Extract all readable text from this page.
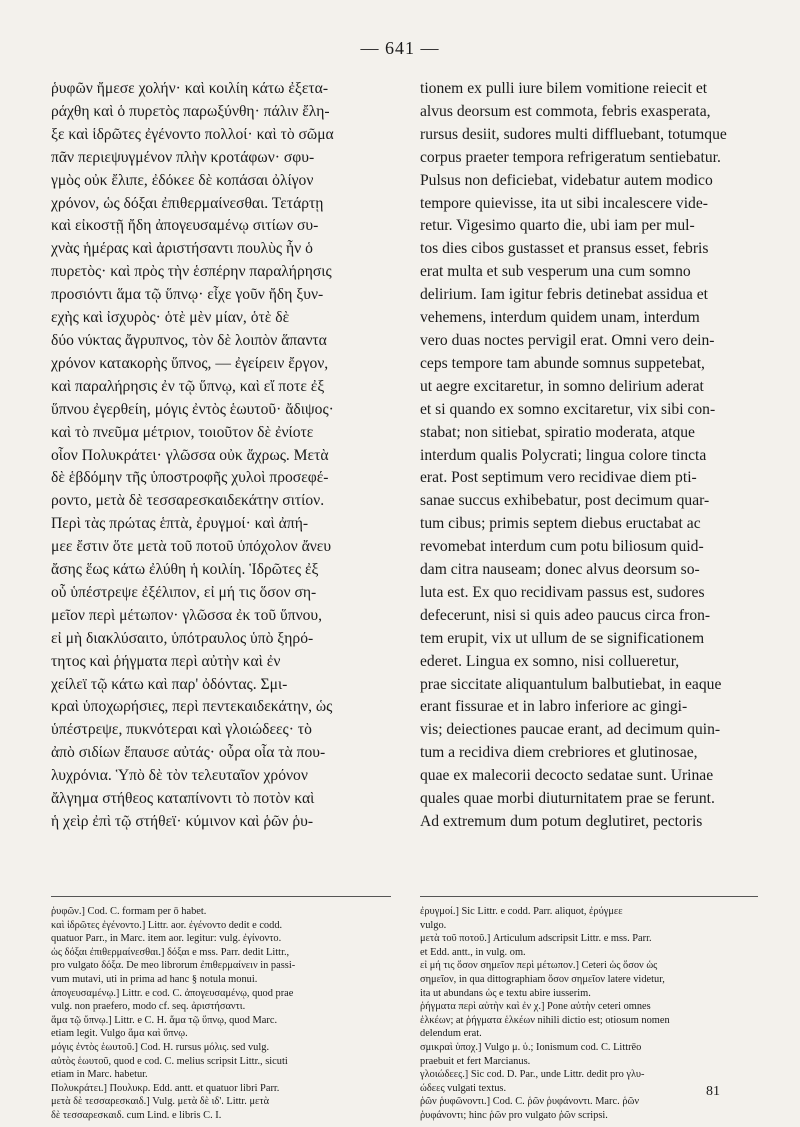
— 641 —
ῥυφῶν ἤμεσε χολήν· καὶ κοιλίη κάτω ἐξετα-
ράχθη καὶ ὁ πυρετὸς παρωξύνθη· πάλιν ἔλη-
ξε καὶ ἱδρῶτες ἐγένοντο πολλοί· καὶ τὸ σῶμα
πᾶν περιεψυγμένον πλὴν κροτάφων· σφυ-
γμὸς οὐκ ἔλιπε, ἐδόκεε δὲ κοπάσαι ὀλίγον
χρόνον, ὡς δόξαι ἐπιθερμαίνεσθαι. Τετάρτῃ
καὶ εἰκοστῇ ἤδη ἀπογευσαμένῳ σιτίων συ-
χνὰς ἡμέρας καὶ ἀριστήσαντι πουλὺς ἦν ὁ
πυρετὸς· καὶ πρὸς τὴν ἑσπέρην παραλήρησις
προσιόντι ἅμα τῷ ὕπνῳ· εἶχε γοῦν ἤδη ξυν-
εχὴς καὶ ἰσχυρὸς· ὁτὲ μὲν μίαν, ὁτὲ δὲ
δύο νύκτας ἄγρυπνος, τὸν δὲ λοιπὸν ἅπαντα
χρόνον κατακορὴς ὕπνος, — ἐγείρειν ἔργον,
καὶ παραλήρησις ἐν τῷ ὕπνῳ, καὶ εἴ ποτε ἐξ
ὕπνου ἐγερθείη, μόγις ἐντὸς ἑωυτοῦ· ἄδιψος·
καὶ τὸ πνεῦμα μέτριον, τοιοῦτον δὲ ἐνίοτε
οἷον Πολυκράτει· γλῶσσα οὐκ ἄχρως. Μετὰ
δὲ ἑβδόμην τῆς ὑποστροφῆς χυλοὶ προσεφέ-
ροντο, μετὰ δὲ τεσσαρεσκαιδεκάτην σιτίον.
Περὶ τὰς πρώτας ἑπτὰ, ἐρυγμοί· καὶ ἀπή-
μεε ἔστιν ὅτε μετὰ τοῦ ποτοῦ ὑπόχολον ἄνευ
ἄσης ἕως κάτω ἐλύθη ἡ κοιλίη. Ἱδρῶτες ἐξ
οὗ ὑπέστρεψε ἐξέλιπον, εἰ μή τις ὅσον ση-
μεῖον περὶ μέτωπον· γλῶσσα ἐκ τοῦ ὕπνου,
εἰ μὴ διακλύσαιτο, ὑπότραυλος ὑπὸ ξηρό-
τητος καὶ ῥήγματα περὶ αὐτὴν καὶ ἐν
χείλεϊ τῷ κάτω καὶ παρ' ὀδόντας. Σμι-
κραὶ ὑποχωρήσιες, περὶ πεντεκαιδεκάτην, ὡς
ὑπέστρεψε, πυκνότεραι καὶ γλοιώδεες· τὸ
ἀπὸ σιδίων ἔπαυσε αὐτάς· οὖρα οἷα τὰ που-
λυχρόνια. Ὑπὸ δὲ τὸν τελευταῖον χρόνον
ἄλγημα στήθεος καταπίνοντι τὸ ποτὸν καὶ
ἡ χεὶρ ἐπὶ τῷ στήθεϊ· κύμινον καὶ ῥῶν ῥυ-
tionem ex pulli iure bilem vomitione reiecit et
alvus deorsum est commota, febris exasperata,
rursus desiit, sudores multi diffluebant, totumque
corpus praeter tempora refrigeratum sentiebatur.
Pulsus non deficiebat, videbatur autem modico
tempore quievisse, ita ut sibi incalescere vide-
retur. Vigesimo quarto die, ubi iam per mul-
tos dies cibos gustasset et pransus esset, febris
erat multa et sub vesperum una cum somno
delirium. Iam igitur febris detinebat assidua et
vehemens, interdum quidem unam, interdum
vero duas noctes pervigil erat. Omni vero dein-
ceps tempore tam abunde somnus suppetebat,
ut aegre excitaretur, in somno delirium aderat
et si quando ex somno excitaretur, vix sibi con-
stabat; non sitiebat, spiratio moderata, atque
interdum qualis Polycrati; lingua colore tincta
erat. Post septimum vero recidivae diem pti-
sanae succus exhibebatur, post decimum quar-
tum cibus; primis septem diebus eructabat ac
revomebat interdum cum potu biliosum quid-
dam citra nauseam; donec alvus deorsum so-
luta est. Ex quo recidivam passus est, sudores
defecerunt, nisi si quis adeo paucus circa fron-
tem erupit, vix ut ullum de se significationem
ederet. Lingua ex somno, nisi collueretur,
prae siccitate aliquantulum balbutiebat, in eaque
erant fissurae et in labro inferiore ac gingi-
vis; deiectiones paucae erant, ad decimum quin-
tum a recidiva diem crebriores et glutinosae,
quae ex malecorii decocto sedatae sunt. Urinae
quales quae morbi diuturnitatem prae se ferunt.
Ad extremum dum potum deglutiret, pectoris
ῥυφῶν.] Cod. C. formam per ō habet.
καὶ ἱδρῶτες ἐγένοντο.] Littr. aor. ἐγένοντο dedit e codd.
quatuor Parr., in Marc. item aor. legitur: vulg. ἐγίνοντο.
ὡς δόξαι ἐπιθερμαίνεσθαι.] δόξαι e mss. Parr. dedit Littr.,
pro vulgato δόξα. De meo librorum ἐπιθερμαίνειν in passi-
vum mutavi, uti in prima ad hanc § notula monui.
ἀπογευσαμένῳ.] Littr. e cod. C. ἀπογευσαμένῳ, quod prae
vulg. non praefero, modo cf. seq. ἀριστήσαντι.
ἅμα τῷ ὕπνῳ.] Littr. e C. H. ἅμα τῷ ὕπνῳ, quod Marc.
etiam legit. Vulgo ἅμα καὶ ὕπνῳ.
μόγις ἐντὸς ἑωυτοῦ.] Cod. H. rursus μόλις. sed vulg.
αὐτὸς ἑωυτοῦ, quod e cod. C. melius scripsit Littr., sicuti
etiam in Marc. habetur.
Πολυκράτει.] Πουλυκρ. Edd. antt. et quatuor libri Parr.
μετὰ δὲ τεσσαρεσκαιδ.] Vulg. μετὰ δὲ ιδ'. Littr. μετὰ
δὲ τεσσαρεσκαιδ. cum Lind. e libris C. I.
ἐρυγμοί.] Sic Littr. e codd. Parr. aliquot, ἐρύγμεε
vulgo.
μετὰ τοῦ ποτοῦ.] Articulum adscripsit Littr. e mss. Parr.
et Edd. antt., in vulg. om.
εἰ μή τις ὅσον σημεῖον περὶ μέτωπον.] Ceteri ὡς ὅσον ὡς
σημεῖον, in qua dittographiam ὅσον σημεῖον latere videtur,
ita ut abundans ὡς e textu abire iusserim.
ῥήγματα περὶ αὐτὴν καὶ ἐν χ.] Pone αὐτὴν ceteri omnes
ἑλκέων; at ῥήγματα ἑλκέων nihili dictio est; otiosum nomen
delendum erat.
σμικραὶ ὑποχ.] Vulgo μ. ὑ.; Ionismum cod. C. Littrēo
praebuit et fert Marcianus.
γλοιώδεες.] Sic cod. D. Par., unde Littr. dedit pro γλυ-
ώδεες vulgati textus.
ῥῶν ῥυφῶνοντι.] Cod. C. ῥῶν ῥυφάνοντι. Marc. ῥῶν
ῥυφάνοντι; hinc ῥῶν pro vulgato ῥῶν scripsi.
81
